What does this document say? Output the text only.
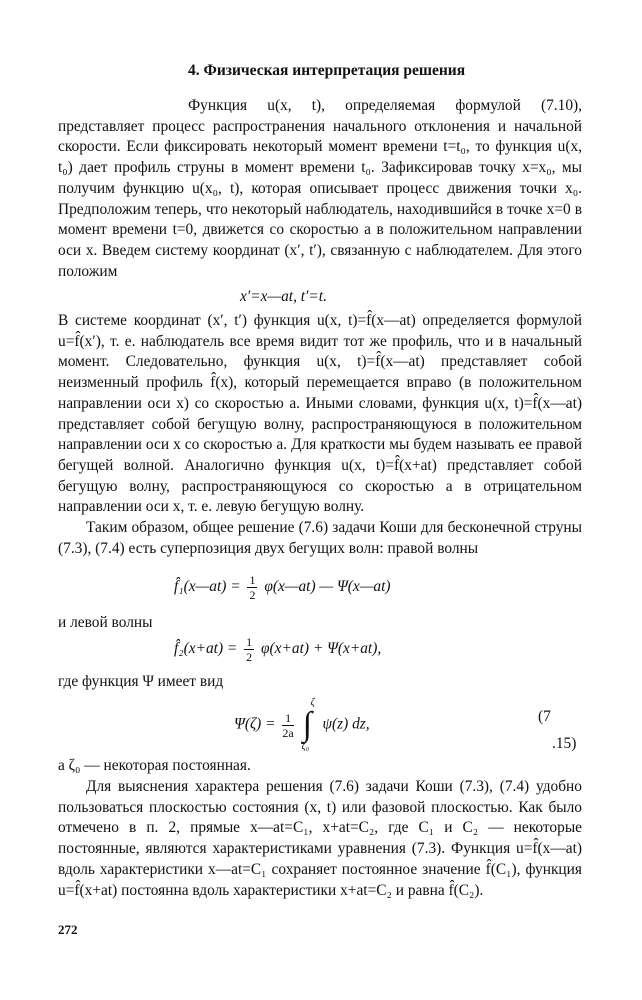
4. Физическая интерпретация решения
Функция u(x, t), определяемая формулой (7.10), представляет процесс распространения начального отклонения и начальной скорости. Если фиксировать некоторый момент времени t=t₀, то функция u(x, t₀) дает профиль струны в момент времени t₀. Зафиксировав точку x=x₀, мы получим функцию u(x₀, t), которая описывает процесс движения точки x₀. Предположим теперь, что некоторый наблюдатель, находившийся в точке x=0 в момент времени t=0, движется со скоростью a в положительном направлении оси x. Введем систему координат (x′, t′), связанную с наблюдателем. Для этого положим
x′=x—at, t′=t.
В системе координат (x′, t′) функция u(x, t)=f̂(x—at) определяется формулой u=f̂(x′), т. е. наблюдатель все время видит тот же профиль, что и в начальный момент. Следовательно, функция u(x, t)=f̂(x—at) представляет собой неизменный профиль f̂(x), который перемещается вправо (в положительном направлении оси x) со скоростью a. Иными словами, функция u(x, t)=f̂(x—at) представляет собой бегущую волну, распространяющуюся в положительном направлении оси x со скоростью a. Для краткости мы будем называть ее правой бегущей волной. Аналогично функция u(x, t)=f̂(x+at) представляет собой бегущую волну, распространяющуюся со скоростью a в отрицательном направлении оси x, т. е. левую бегущую волну.
Таким образом, общее решение (7.6) задачи Коши для бесконечной струны (7.3), (7.4) есть суперпозиция двух бегущих волн: правой волны
f̂₁(x—at) = $\frac{1}{2}$ φ(x—at) — Ψ(x—at)
и левой волны
f̂₂(x+at) = $\frac{1}{2} \varphi(x+at) + \Psi(x+at)$,
где функция Ψ имеет вид
$\Psi(\zeta) = \frac{1}{2a}$ ∫
ζ
ζ₀
ψ(z) dz,	(7
.15)
а ζ₀ — некоторая постоянная.
Для выяснения характера решения (7.6) задачи Коши (7.3), (7.4) удобно пользоваться плоскостью состояния (x, t) или фазовой плоскостью. Как было отмечено в п. 2, прямые x—at=C₁, x+at=C₂, где C₁ и C₂ — некоторые постоянные, являются характеристиками уравнения (7.3). Функция u=f̂(x—at) вдоль характеристики x—at=C₁ сохраняет постоянное значение f̂(C₁), функция u=f̂(x+at) постоянна вдоль характеристики x+at=C₂ и равна f̂(C₂).
272
